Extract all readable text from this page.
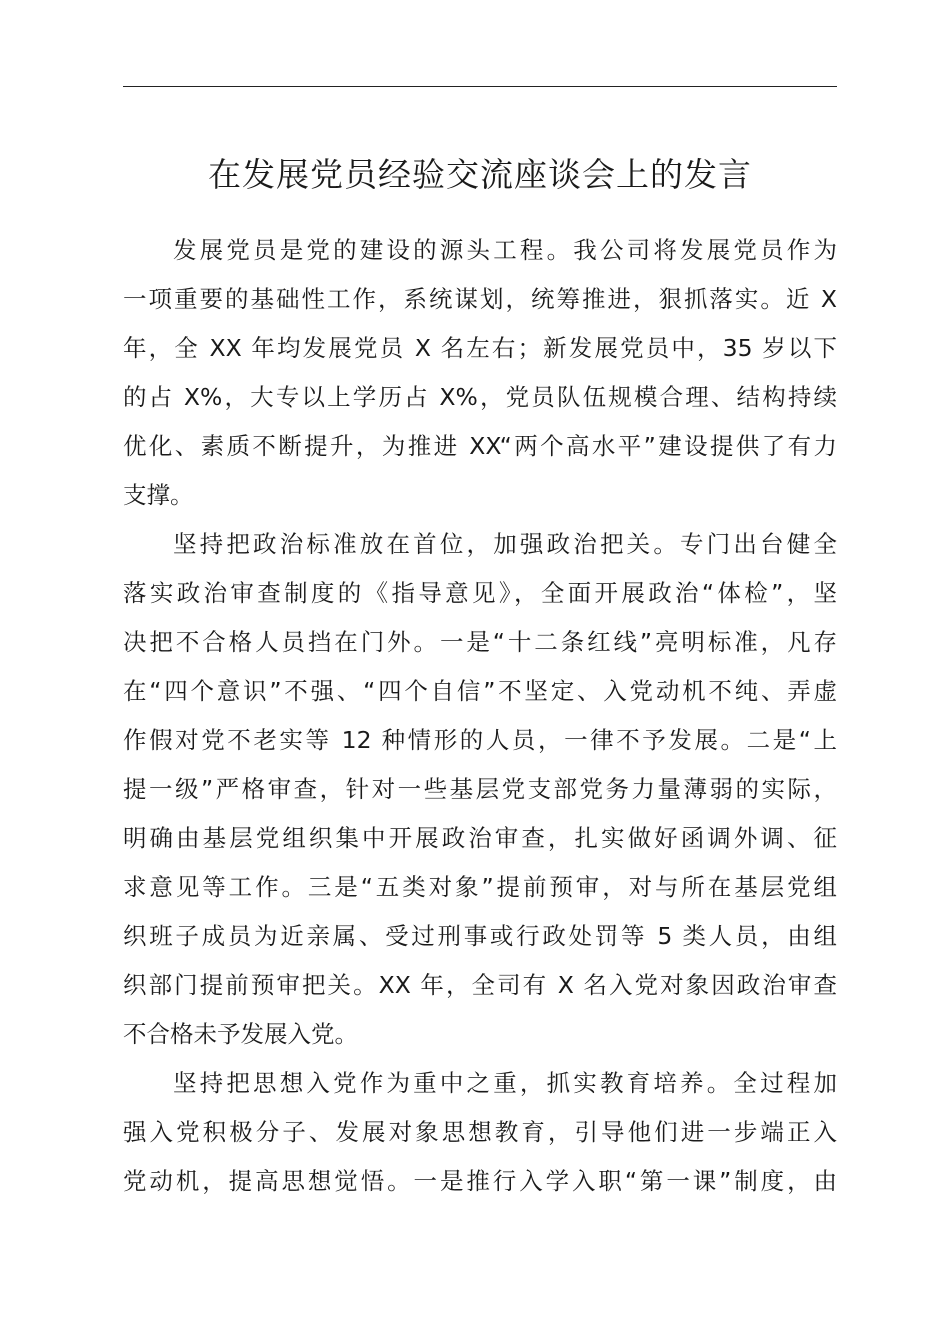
在发展党员经验交流座谈会上的发言
发展党员是党的建设的源头工程。我公司将发展党员作为
一项重要的基础性工作，系统谋划，统筹推进，狠抓落实。近 X
年，全 XX 年均发展党员 X 名左右；新发展党员中，35 岁以下
的占 X%，大专以上学历占 X%，党员队伍规模合理、结构持续
优化、素质不断提升，为推进 XX“两个高水平”建设提供了有力
支撑。
坚持把政治标准放在首位，加强政治把关。专门出台健全
落实政治审查制度的《指导意见》，全面开展政治“体检”，坚
决把不合格人员挡在门外。一是“十二条红线”亮明标准，凡存
在“四个意识”不强、“四个自信”不坚定、入党动机不纯、弄虚
作假对党不老实等 12 种情形的人员，一律不予发展。二是“上
提一级”严格审查，针对一些基层党支部党务力量薄弱的实际，
明确由基层党组织集中开展政治审查，扎实做好函调外调、征
求意见等工作。三是“五类对象”提前预审，对与所在基层党组
织班子成员为近亲属、受过刑事或行政处罚等 5 类人员，由组
织部门提前预审把关。XX 年，全司有 X 名入党对象因政治审查
不合格未予发展入党。
坚持把思想入党作为重中之重，抓实教育培养。全过程加
强入党积极分子、发展对象思想教育，引导他们进一步端正入
党动机，提高思想觉悟。一是推行入学入职“第一课”制度，由
